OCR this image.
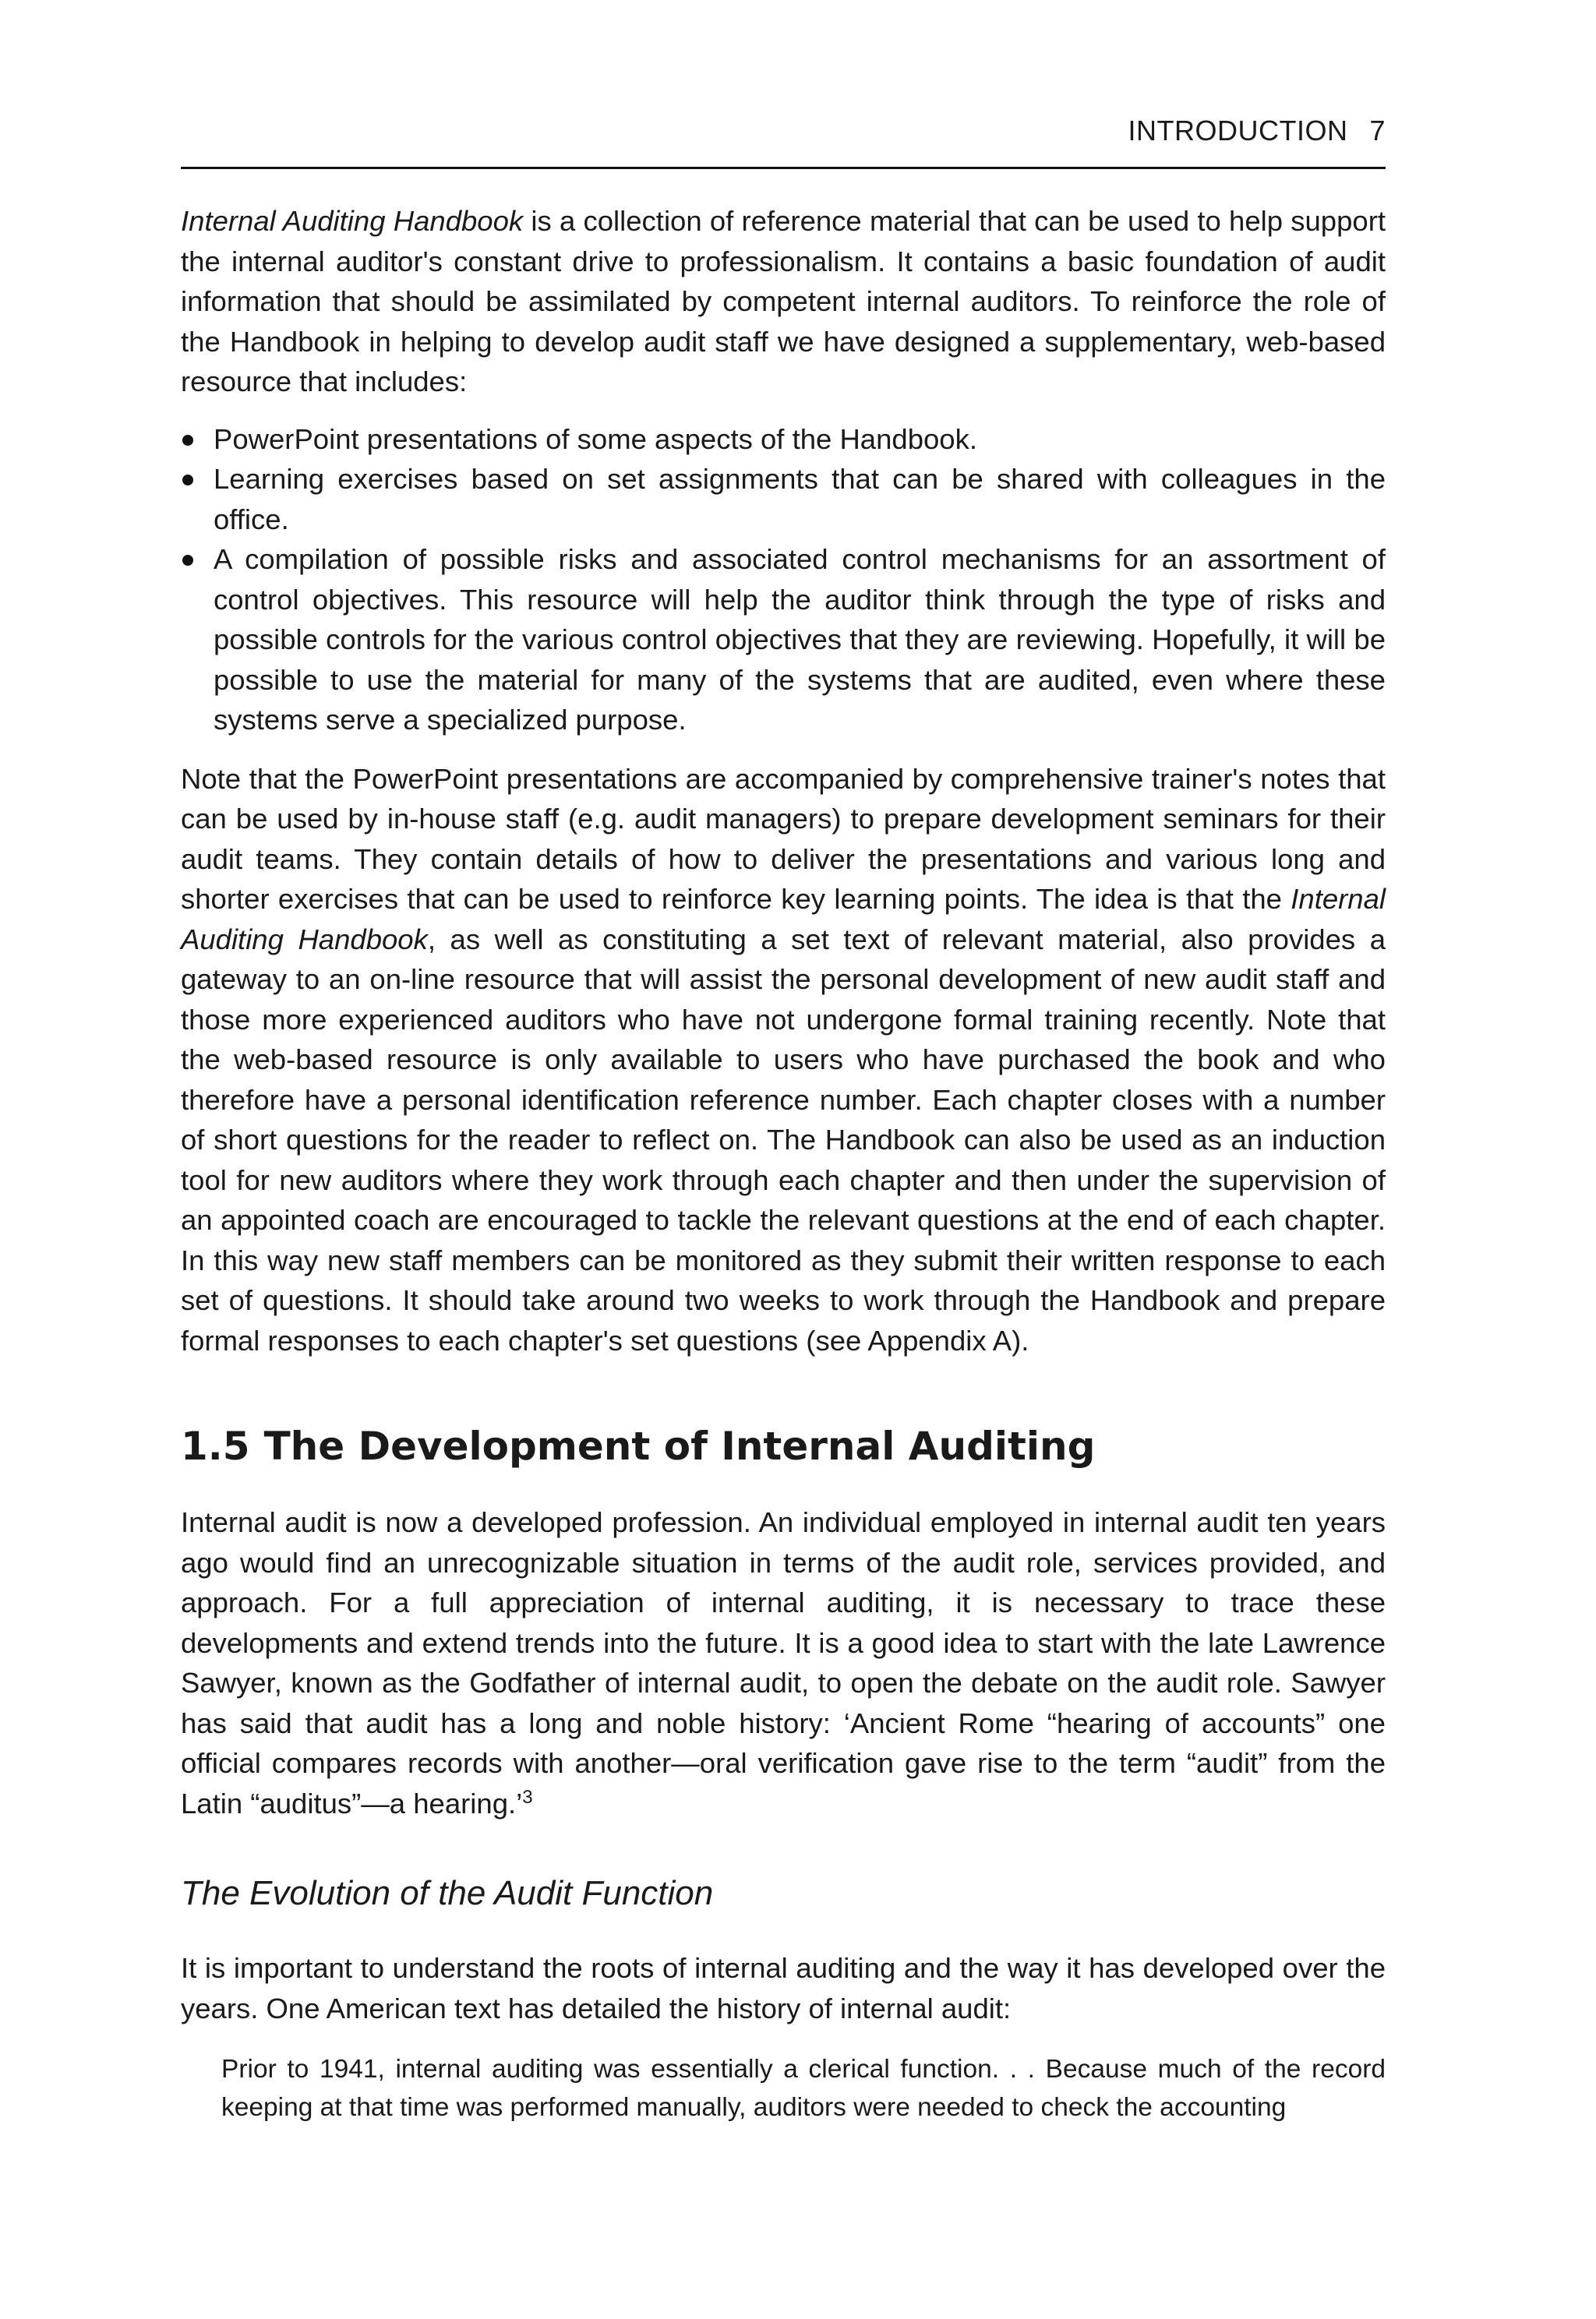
INTRODUCTION 7

Internal Auditing Handbook is a collection of reference material that can be used to help support the internal auditor's constant drive to professionalism. It contains a basic foundation of audit information that should be assimilated by competent internal auditors. To reinforce the role of the Handbook in helping to develop audit staff we have designed a supplementary, web-based resource that includes:

PowerPoint presentations of some aspects of the Handbook.
Learning exercises based on set assignments that can be shared with colleagues in the office.
A compilation of possible risks and associated control mechanisms for an assortment of control objectives. This resource will help the auditor think through the type of risks and possible controls for the various control objectives that they are reviewing. Hopefully, it will be possible to use the material for many of the systems that are audited, even where these systems serve a specialized purpose.

Note that the PowerPoint presentations are accompanied by comprehensive trainer's notes that can be used by in-house staff (e.g. audit managers) to prepare development seminars for their audit teams. They contain details of how to deliver the presentations and various long and shorter exercises that can be used to reinforce key learning points. The idea is that the Internal Auditing Handbook, as well as constituting a set text of relevant material, also provides a gateway to an on-line resource that will assist the personal development of new audit staff and those more experienced auditors who have not undergone formal training recently. Note that the web-based resource is only available to users who have purchased the book and who therefore have a personal identification reference number. Each chapter closes with a number of short questions for the reader to reflect on. The Handbook can also be used as an induction tool for new auditors where they work through each chapter and then under the supervision of an appointed coach are encouraged to tackle the relevant questions at the end of each chapter. In this way new staff members can be monitored as they submit their written response to each set of questions. It should take around two weeks to work through the Handbook and prepare formal responses to each chapter's set questions (see Appendix A).

1.5 The Development of Internal Auditing

Internal audit is now a developed profession. An individual employed in internal audit ten years ago would find an unrecognizable situation in terms of the audit role, services provided, and approach. For a full appreciation of internal auditing, it is necessary to trace these developments and extend trends into the future. It is a good idea to start with the late Lawrence Sawyer, known as the Godfather of internal audit, to open the debate on the audit role. Sawyer has said that audit has a long and noble history: ‘Ancient Rome “hearing of accounts” one official compares records with another—oral verification gave rise to the term “audit” from the Latin “auditus”—a hearing.’$^3$

The Evolution of the Audit Function

It is important to understand the roots of internal auditing and the way it has developed over the years. One American text has detailed the history of internal audit:

Prior to 1941, internal auditing was essentially a clerical function. . . Because much of the record keeping at that time was performed manually, auditors were needed to check the accounting
